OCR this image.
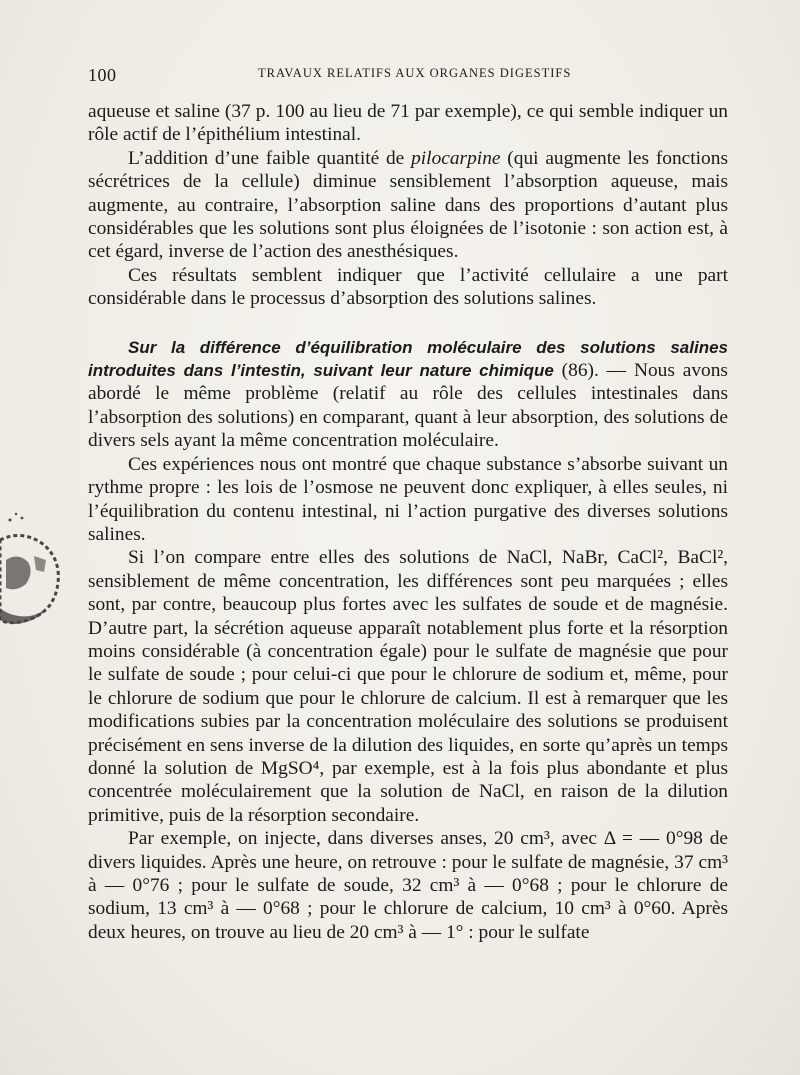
100	TRAVAUX RELATIFS AUX ORGANES DIGESTIFS

aqueuse et saline (37 p. 100 au lieu de 71 par exemple), ce qui semble indiquer un rôle actif de l’épithélium intestinal.

L’addition d’une faible quantité de pilocarpine (qui augmente les fonctions sécrétrices de la cellule) diminue sensiblement l’absorption aqueuse, mais augmente, au contraire, l’absorption saline dans des proportions d’autant plus considérables que les solutions sont plus éloignées de l’isotonie : son action est, à cet égard, inverse de l’action des anesthésiques.

Ces résultats semblent indiquer que l’activité cellulaire a une part considérable dans le processus d’absorption des solutions salines.

Sur la différence d’équilibration moléculaire des solutions salines introduites dans l’intestin, suivant leur nature chimique (86). — Nous avons abordé le même problème (relatif au rôle des cellules intestinales dans l’absorption des solutions) en comparant, quant à leur absorption, des solutions de divers sels ayant la même concentration moléculaire.

Ces expériences nous ont montré que chaque substance s’absorbe suivant un rythme propre : les lois de l’osmose ne peuvent donc expliquer, à elles seules, ni l’équilibration du contenu intestinal, ni l’action purgative des diverses solutions salines.

Si l’on compare entre elles des solutions de NaCl, NaBr, CaCl², BaCl², sensiblement de même concentration, les différences sont peu marquées ; elles sont, par contre, beaucoup plus fortes avec les sulfates de soude et de magnésie. D’autre part, la sécrétion aqueuse apparaît notablement plus forte et la résorption moins considérable (à concentration égale) pour le sulfate de magnésie que pour le sulfate de soude ; pour celui-ci que pour le chlorure de sodium et, même, pour le chlorure de sodium que pour le chlorure de calcium. Il est à remarquer que les modifications subies par la concentration moléculaire des solutions se produisent précisément en sens inverse de la dilution des liquides, en sorte qu’après un temps donné la solution de MgSO⁴, par exemple, est à la fois plus abondante et plus concentrée moléculairement que la solution de NaCl, en raison de la dilution primitive, puis de la résorption secondaire.

Par exemple, on injecte, dans diverses anses, 20 cm³, avec Δ = — 0°98 de divers liquides. Après une heure, on retrouve : pour le sulfate de magnésie, 37 cm³ à — 0°76 ; pour le sulfate de soude, 32 cm³ à — 0°68 ; pour le chlorure de sodium, 13 cm³ à — 0°68 ; pour le chlorure de calcium, 10 cm³ à 0°60. Après deux heures, on trouve au lieu de 20 cm³ à — 1° : pour le sulfate
